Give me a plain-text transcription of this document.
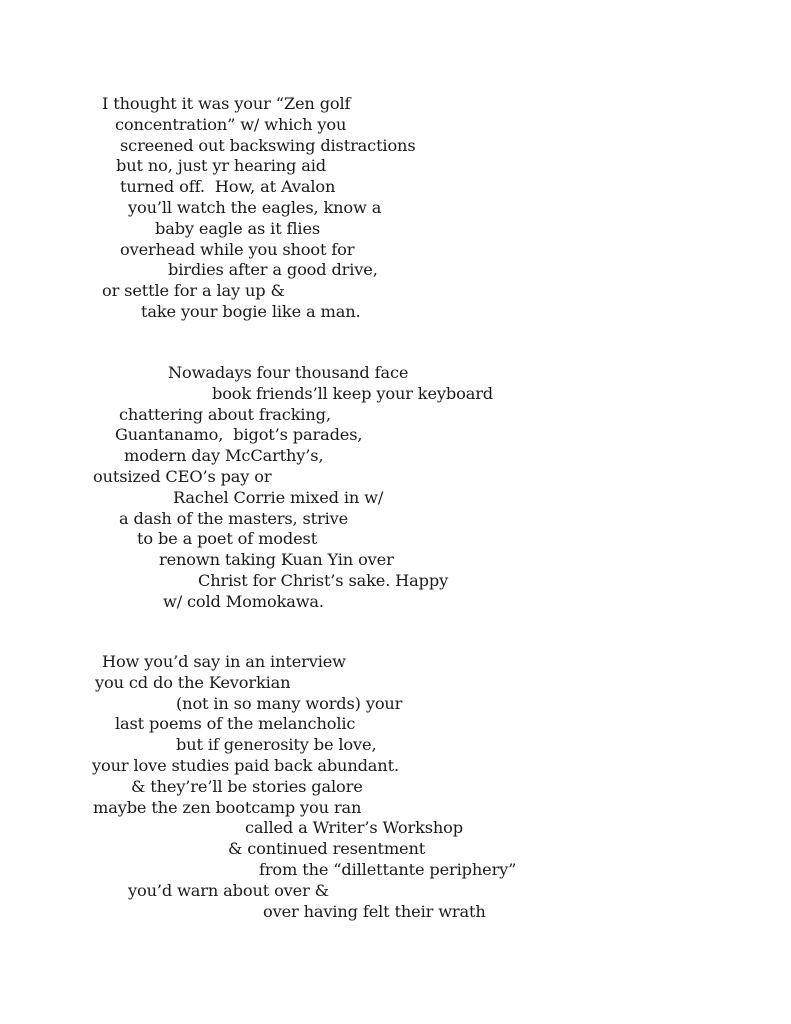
I thought it was your “Zen golf
concentration” w/ which you
screened out backswing distractions
but no, just yr hearing aid
turned off.  How, at Avalon
you’ll watch the eagles, know a
baby eagle as it flies
overhead while you shoot for
birdies after a good drive,
or settle for a lay up &
take your bogie like a man.
Nowadays four thousand face
book friends’ll keep your keyboard
chattering about fracking,
Guantanamo,  bigot’s parades,
modern day McCarthy’s,
outsized CEO’s pay or
Rachel Corrie mixed in w/
a dash of the masters, strive
to be a poet of modest
renown taking Kuan Yin over
Christ for Christ’s sake. Happy
w/ cold Momokawa.
How you’d say in an interview
you cd do the Kevorkian
(not in so many words) your
last poems of the melancholic
but if generosity be love,
your love studies paid back abundant.
& they’re’ll be stories galore
maybe the zen bootcamp you ran
called a Writer’s Workshop
& continued resentment
from the “dillettante periphery”
you’d warn about over &
over having felt their wrath
